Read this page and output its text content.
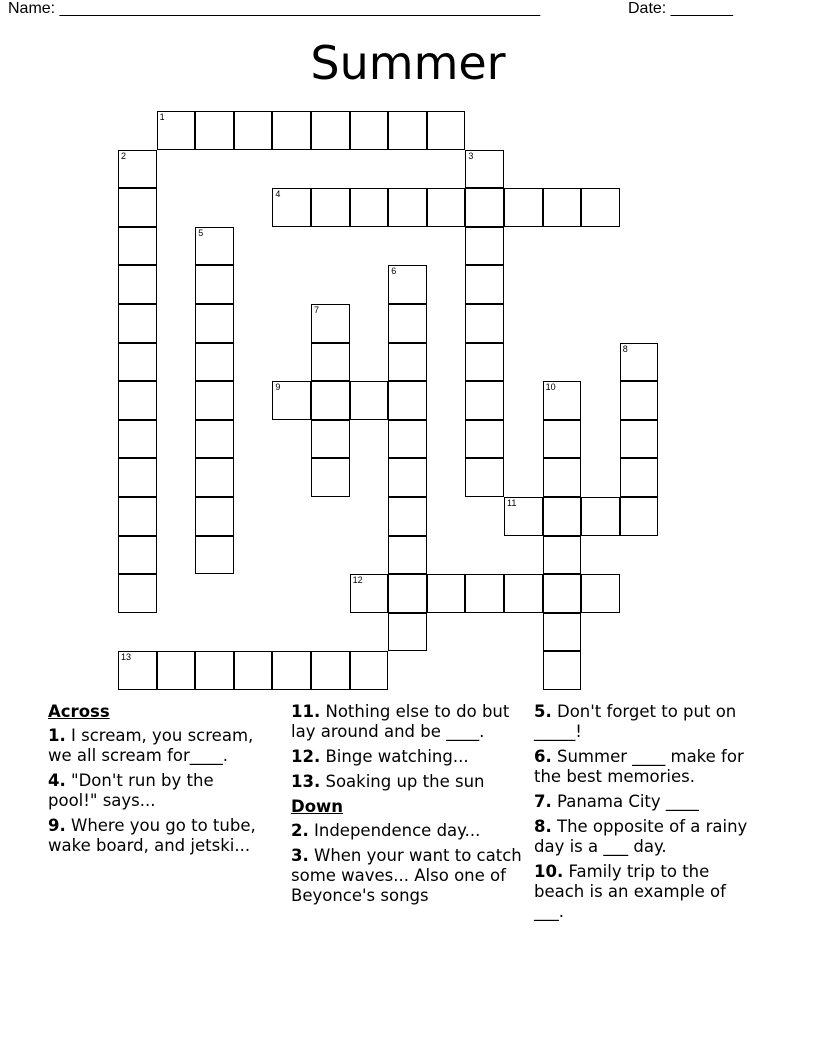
Name: ______________________________________________________	Date: _______
Summer
1
2	3
4
5
6
7
8
9	10
11
12
13
Across
1. I scream, you scream, we all scream for____.
4. "Don't run by the pool!" says...
9. Where you go to tube, wake board, and jetski...
11. Nothing else to do but lay around and be ____.
12. Binge watching...
13. Soaking up the sun
Down
2. Independence day...
3. When your want to catch some waves... Also one of Beyonce's songs
5. Don't forget to put on _____!
6. Summer ____ make for the best memories.
7. Panama City ____
8. The opposite of a rainy day is a ___ day.
10. Family trip to the beach is an example of ___.
